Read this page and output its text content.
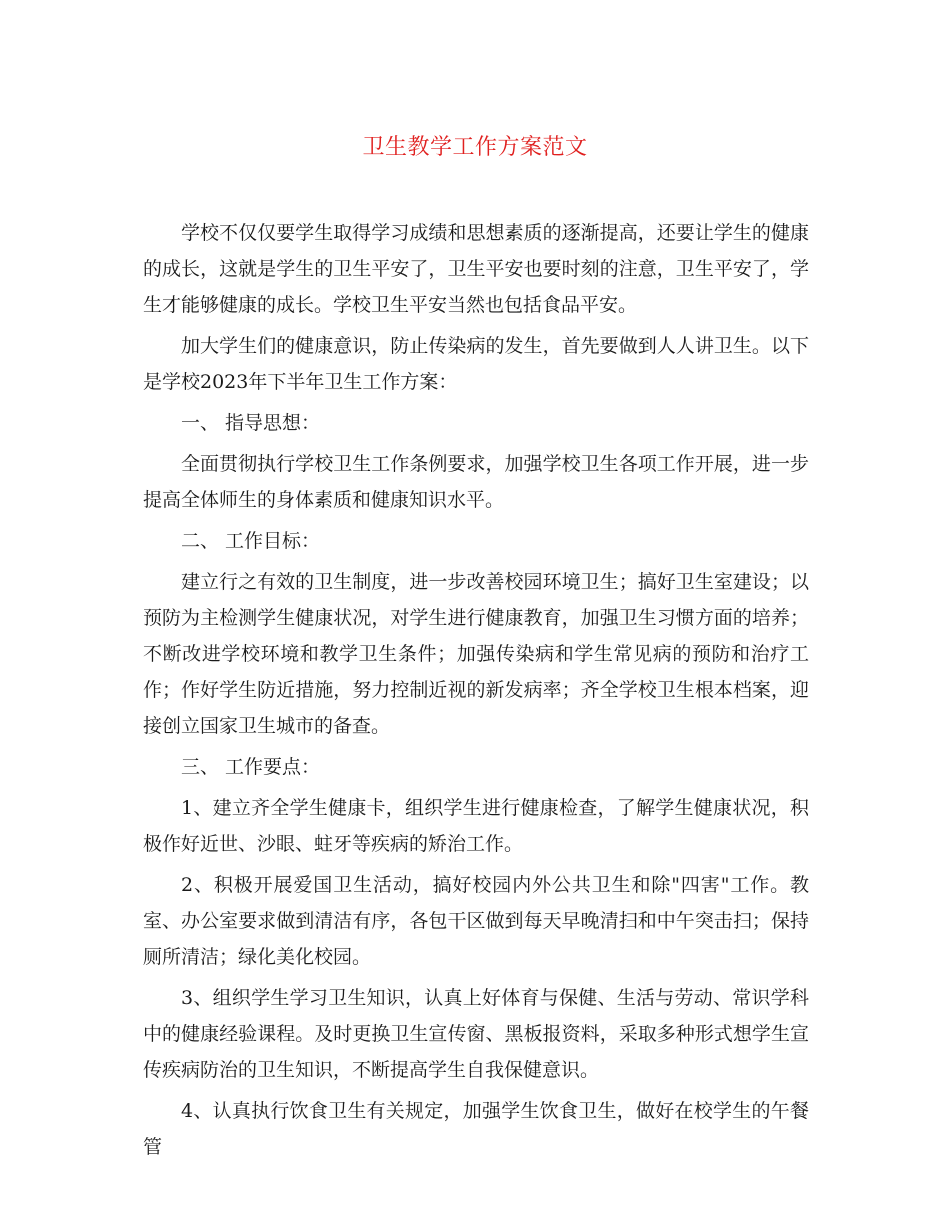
卫生教学工作方案范文

学校不仅仅要学生取得学习成绩和思想素质的逐渐提高，还要让学生的健康的成长，这就是学生的卫生平安了，卫生平安也要时刻的注意，卫生平安了，学生才能够健康的成长。学校卫生平安当然也包括食品平安。

加大学生们的健康意识，防止传染病的发生，首先要做到人人讲卫生。以下是学校2023年下半年卫生工作方案：

一、 指导思想：

全面贯彻执行学校卫生工作条例要求，加强学校卫生各项工作开展，进一步提高全体师生的身体素质和健康知识水平。

二、 工作目标：

建立行之有效的卫生制度，进一步改善校园环境卫生；搞好卫生室建设；以预防为主检测学生健康状况，对学生进行健康教育，加强卫生习惯方面的培养；不断改进学校环境和教学卫生条件；加强传染病和学生常见病的预防和治疗工作；作好学生防近措施，努力控制近视的新发病率；齐全学校卫生根本档案，迎接创立国家卫生城市的备查。

三、 工作要点：

1、建立齐全学生健康卡，组织学生进行健康检查，了解学生健康状况，积极作好近世、沙眼、蛀牙等疾病的矫治工作。

2、积极开展爱国卫生活动，搞好校园内外公共卫生和除"四害"工作。教室、办公室要求做到清洁有序，各包干区做到每天早晚清扫和中午突击扫；保持厕所清洁；绿化美化校园。

3、组织学生学习卫生知识，认真上好体育与保健、生活与劳动、常识学科中的健康经验课程。及时更换卫生宣传窗、黑板报资料，采取多种形式想学生宣传疾病防治的卫生知识，不断提高学生自我保健意识。

4、认真执行饮食卫生有关规定，加强学生饮食卫生，做好在校学生的午餐管
